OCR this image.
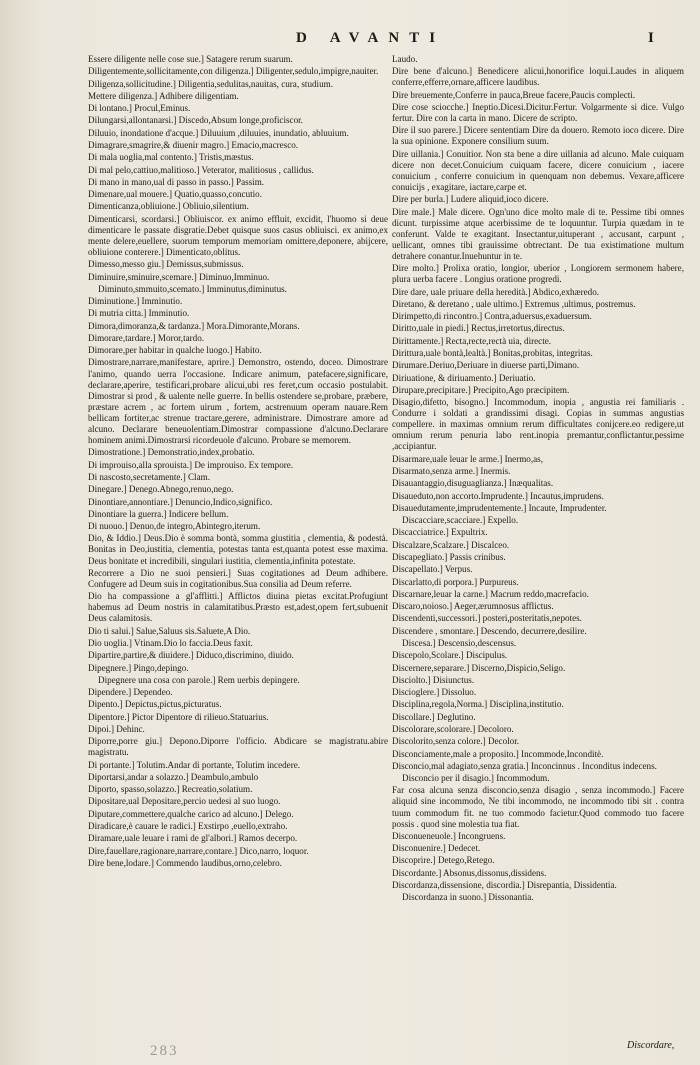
D AVANTI	I
Essere diligente nelle cose sue.] Satagere rerum suarum.
Diligentemente,sollicitamente,con diligenza.] Diligenter,sedulo,impigre,nauiter.
Diligenza,sollicitudine.] Diligentia,sedulitas,nauitas, cura, studium.
Mettere diligenza.] Adhibere diligentiam.
Di lontano.] Procul,Eminus.
Dilungarsi,allontanarsi.] Discedo,Absum longe,proficiscor.
Diluuio, inondatione d'acque.] Diluuium ,diluuies, inundatio, abluuium.
Dimagrare,smagrire,& diuenir magro.] Emacio,macresco.
Di mala uoglia,mal contento.] Tristis,mæstus.
Di mal pelo,cattiuo,malitioso.] Veterator, malitiosus , callidus.
Di mano in mano,ual di passo in passo.] Passim.
Dimenare,ual mouere.] Quatio,quasso,concutio.
Dimenticanza,obliuione.] Obliuio,silentium.
Dimenticarsi, scordarsi.] Obliuiscor. ex animo effluit, excidit, l'huomo si deue dimenticare le passate disgratie.Debet quisque suos casus obliuisci. ex animo,ex mente delere,euellere, suorum temporum memoriam omittere,deponere, abijcere, obliuione conterere.] Dimenticato,oblitus.
Dimesso,messo giu.] Demissus,submissus.
Diminuire,sminuire,scemare.] Diminuo,Imminuo.
Diminuto,smmuito,scemato.] Imminutus,diminutus.
Diminutione.] Imminutio.
Di mutria citta.] Imminutio.
Dimora,dimoranza,& tardanza.] Mora.Dimorante,Morans.
Dimorare,tardare.] Moror,tardo.
Dimorare,per habitar in qualche luogo.] Habito.
Dimostrare,narrare,manifestare, aprire.] Demonstro, ostendo, doceo. Dimostrare l'animo, quando uerra l'occasione. Indicare animum, patefacere,significare, declarare,aperire, testificari,probare alicui,ubi res feret,cum occasio postulabit. Dimostrar si prod , & ualente nelle guerre. In bellis ostendere se,probare, præbere, præstare acrem , ac fortem uirum , fortem, acstrenuum operam nauare.Rem bellicam fortiter,ac strenue tractare,gerere, administrare. Dimostrare amore ad alcuno. Declarare beneuolentiam.Dimostrar compassione d'alcuno.Declarare hominem animi.Dimostrarsi ricordeuole d'alcuno. Probare se memorem.
Dimostratione.] Demonstratio,index,probatio.
Di improuiso,alla sprouista.] De improuiso. Ex tempore.
Di nascosto,secretamente.] Clam.
Dinegare.] Denego.Abnego,renuo,nego.
Dinontiare,annontiare.] Denuncio,Indico,significo.
Dinontiare la guerra.] Indicere bellum.
Di nuouo.] Denuo,de integro,Abintegro,iterum.
Dio, & Iddio.] Deus.Dio è somma bontà, somma giustitia , clementia, & podestà. Bonitas in Deo,iustitia, clementia, potestas tanta est,quanta potest esse maxima. Deus bonitate et incredibili, singulari iustitia, clementia,infinita potestate.
Recorrere a Dio ne suoi pensieri.] Suas cogitationes ad Deum adhibere. Confugere ad Deum suis in cogitationibus.Sua consilia ad Deum referre.
Dio ha compassione a gl'afflitti.] Afflictos diuina pietas excitat.Profugiunt habemus ad Deum nostris in calamitatibus.Præsto est,adest,opem fert,subuenit Deus calamitosis.
Dio ti salui.] Salue,Saluus sis.Saluete,A Dio.
Dio uoglia.] Vtinam.Dio lo faccia.Deus faxit.
Dipartire,partire,& diuidere.] Diduco,discrimino, diuido.
Dipegnere.] Pingo,depingo.
Dipegnere una cosa con parole.] Rem uerbis depingere.
Dipendere.] Dependeo.
Dipento.] Depictus,pictus,picturatus.
Dipentore.] Pictor Dipentore di rilieuo.Statuarius.
Dipoi.] Dehinc.
Diporre,porre giu.] Depono.Diporre l'officio. Abdicare se magistratu.abire magistratu.
Di portante.] Tolutim.Andar di portante, Tolutim incedere.
Diportarsi,andar a solazzo.] Deambulo,ambulo
Diporto, spasso,solazzo.] Recreatio,solatium.
Dipositare,ual Depositare,percio uedesi al suo luogo.
Diputare,commettere,qualche carico ad alcuno.] Delego.
Diradicare,è cauare le radici.] Exstirpo ,euello,extraho.
Diramare,uale leuare i rami de gl'albori.] Ramos decerpo.
Dire,fauellare,ragionare,narrare,contare.] Dico,narro, loquor.
Dire bene,lodare.] Commendo laudibus,orno,celebro.
Laudo.
Dire bene d'alcuno.] Benedicere alicui,honorifice loqui.Laudes in aliquem conferre,efferre,ornare,afficere laudibus.
Dire breuemente,Conferre in pauca,Breue facere,Paucis complecti.
Dire cose sciocche.] Ineptio.Dicesi.Dicitur.Fertur. Volgarmente si dice. Vulgo fertur. Dire con la carta in mano. Dicere de scripto.
Dire il suo parere.] Dicere sententiam Dire da douero. Remoto ioco dicere. Dire la sua opinione. Exponere consilium suum.
Dire uillania.] Conuitior. Non sta bene a dire uillania ad alcuno. Male cuiquam dicere non decet.Conuicium cuiquam facere, dicere conuicium , iacere conuicium , conferre conuicium in quenquam non debemus. Vexare,afficere conuicijs , exagitare, iactare,carpe et.
Dire per burla.] Ludere aliquid,ioco dicere.
Dire male.] Male dicere. Ogn'uno dice molto male di te. Pessime tibi omnes dicunt. turpissime atque acerbissime de te loquuntur. Turpia quædam in te conferunt. Valde te exagitant. Insectantur,uituperant , accusant, carpunt , uellicant, omnes tibi grauissime obtrectant. De tua existimatione multum detrahere conantur.Inuehuntur in te.
Dire molto.] Prolixa oratio, longior, uberior , Longiorem sermonem habere, plura uerba facere . Longius oratione progredi.
Dire dare, uale priuare della heredità.] Abdico,exhæredo.
Diretano, & deretano , uale ultimo.] Extremus ,ultimus, postremus.
Dirimpetto,di rincontro.] Contra,aduersus,exaduersum.
Diritto,uale in piedi.] Rectus,irretortus,directus.
Dirittamente.] Recta,recte,rectà uia, directe.
Dirittura,uale bontà,lealtà.] Bonitas,probitas, integritas.
Dirumare.Deriuo,Deriuare in diuerse parti,Dimano.
Diriuatione, & diriuamento.] Deriuatio.
Dirupare,precipitare.] Precipito,Ago præcipitem.
Disagio,difetto, bisogno.] Incommodum, inopia , angustia rei familiaris . Condurre i soldati a grandissimi disagi. Copias in summas angustias compellere. in maximas omnium rerum difficultates conijcere.eo redigere,ut omnium rerum penuria labo rent.inopia premantur,conflictantur,pessime ,accipiantur.
Disarmare,uale leuar le arme.] Inermo,as,
Disarmato,senza arme.] Inermis.
Disauantaggio,disuguaglianza.] Inæqualitas.
Disaueduto,non accorto.Imprudente.] Incautus,imprudens.
Disauedutamente,imprudentemente.] Incaute, Imprudenter.
Discacciare,scacciare.] Expello.
Discacciatrice.] Expultrix.
Discalzare,Scalzare.] Discalceo.
Discapegliato.] Passis crinibus.
Discapellato.] Verpus.
Discarlatto,di porpora.] Purpureus.
Discarnare,leuar la carne.] Macrum reddo,macrefacio.
Discaro,noioso.] Aeger,ærumnosus afflictus.
Discendenti,successori.] posteri,posteritatis,nepotes.
Discendere , smontare.] Descendo, decurrere,desilire.
Discesa.] Descensio,descensus.
Discepolo,Scolare.] Discipulus.
Discernere,separare.] Discerno,Dispicio,Seligo.
Disciolto.] Disiunctus.
Discioglere.] Dissoluo.
Disciplina,regola,Norma.] Disciplina,institutio.
Discollare.] Deglutino.
Discolorare,scolorare.] Decoloro.
Discolorito,senza colore.] Decolor.
Disconciamente,male a proposito.] Incommode,Inconditè.
Disconcio,mal adagiato,senza gratia.] Inconcinnus . Inconditus indecens.
Disconcio per il disagio.] Incommodum.
Far cosa alcuna senza disconcio,senza disagio , senza incommodo.] Facere aliquid sine incommodo, Ne tibi incommodo, ne incommodo tibi sit . contra tuum commodum fit. ne tuo commodo facietur.Quod commodo tuo facere possis . quod sine molestia tua fiat.
Disconueneuole.] Incongruens.
Disconuenire.] Dedecet.
Discoprire.] Detego,Retego.
Discordante.] Absonus,dissonus,dissidens.
Discordanza,dissensione, discordia.] Disrepantia, Dissidentia.
Discordanza in suono.] Dissonantia.
283	Discordare,
